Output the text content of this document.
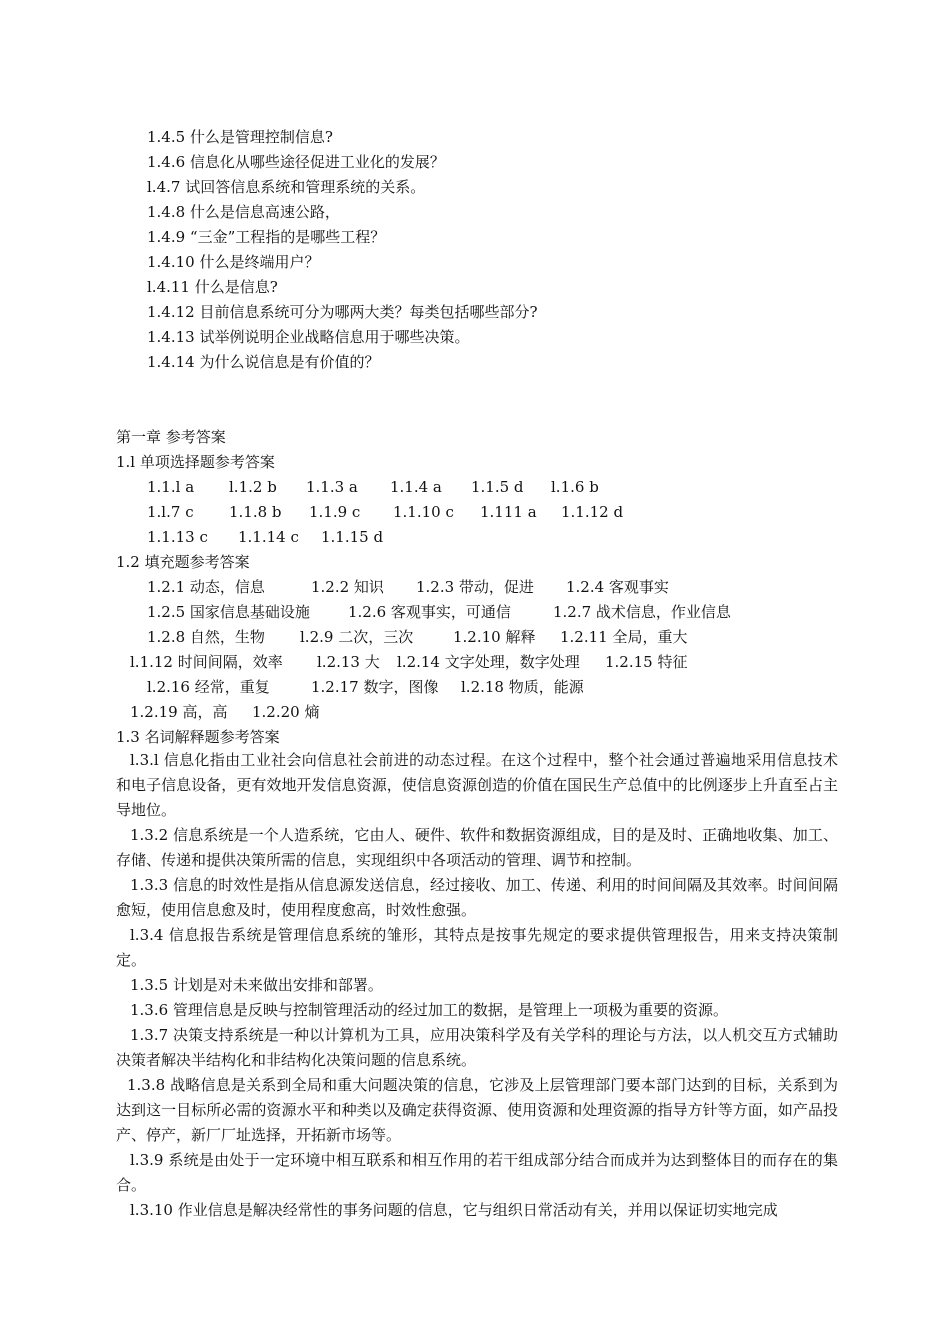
1.4.5 什么是管理控制信息?
1.4.6 信息化从哪些途径促进工业化的发展？
l.4.7 试回答信息系统和管理系统的关系。
1.4.8 什么是信息高速公路，
1.4.9 “三金”工程指的是哪些工程？
1.4.10 什么是终端用户？
l.4.11 什么是信息?
1.4.12 目前信息系统可分为哪两大类？每类包括哪些部分?
1.4.13 试举例说明企业战略信息用于哪些决策。
1.4.14 为什么说信息是有价值的？
第一章 参考答案
1.l 单项选择题参考答案
1.1.l a l.1.2 b 1.1.3 a 1.1.4 a 1.1.5 d l.1.6 b
1.l.7 c 1.1.8 b 1.1.9 c 1.1.10 c 1.111 a 1.1.12 d
1.1.13 c 1.1.14 c 1.1.15 d
1.2 填充题参考答案
1.2.1 动态，信息	1.2.2 知识 1.2.3 带动，促进 1.2.4 客观事实
1.2.5 国家信息基础设施	1.2.6 客观事实，可通信	1.2.7 战术信息，作业信息
1.2.8 自然，生物 l.2.9 二次，三次	1.2.10 解释 1.2.11 全局，重大
l.1.12 时间间隔，效率 l.2.13 大 l.2.14 文字处理，数字处理 1.2.15 特征
l.2.16 经常，重复	1.2.17 数字，图像 l.2.18 物质，能源
1.2.19 高，高 1.2.20 熵
1.3 名词解释题参考答案
l.3.l 信息化指由工业社会向信息社会前进的动态过程。在这个过程中，整个社会通过普遍地采用信息技术和电子信息设备，更有效地开发信息资源，使信息资源创造的价值在国民生产总值中的比例逐步上升直至占主导地位。
1.3.2 信息系统是一个人造系统，它由人、硬件、软件和数据资源组成，目的是及时、正确地收集、加工、存储、传递和提供决策所需的信息，实现组织中各项活动的管理、调节和控制。
1.3.3 信息的时效性是指从信息源发送信息，经过接收、加工、传递、利用的时间间隔及其效率。时间间隔愈短，使用信息愈及时，使用程度愈高，时效性愈强。
l.3.4 信息报告系统是管理信息系统的雏形，其特点是按事先规定的要求提供管理报告，用来支持决策制定。
1.3.5 计划是对未来做出安排和部署。
1.3.6 管理信息是反映与控制管理活动的经过加工的数据，是管理上一项极为重要的资源。
1.3.7 决策支持系统是一种以计算机为工具，应用决策科学及有关学科的理论与方法，以人机交互方式辅助决策者解决半结构化和非结构化决策问题的信息系统。
1.3.8 战略信息是关系到全局和重大问题决策的信息，它涉及上层管理部门要本部门达到的目标，关系到为达到这一目标所必需的资源水平和种类以及确定获得资源、使用资源和处理资源的指导方针等方面，如产品投产、停产，新厂厂址选择，开拓新市场等。
l.3.9 系统是由处于一定环境中相互联系和相互作用的若干组成部分结合而成并为达到整体目的而存在的集合。
l.3.10 作业信息是解决经常性的事务问题的信息，它与组织日常活动有关，并用以保证切实地完成
